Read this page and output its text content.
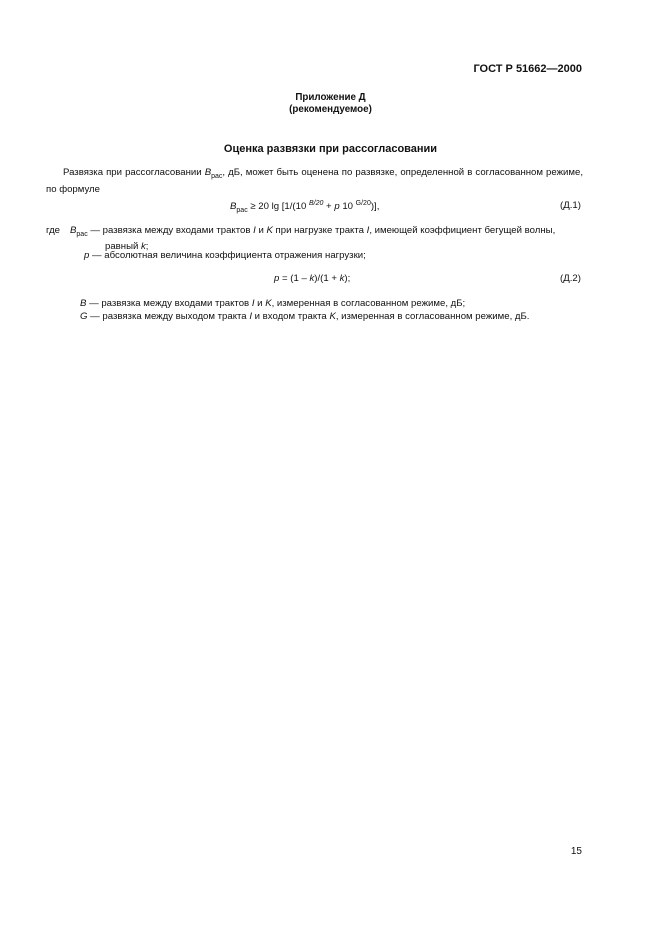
ГОСТ Р 51662—2000
Приложение Д
(рекомендуемое)
Оценка развязки при рассогласовании
Развязка при рассогласовании $B_{рас}$, дБ, может быть оценена по развязке, определенной в согласованном режиме, по формуле
$B_{рас} \ge 20$ lg [1/(10 $^{B/20}$ + p 10 $^{G/20}$)],	(Д.1)
где $B_{рас}$ — развязка между входами трактов I и K при нагрузке тракта I, имеющей коэффициент бегущей волны,
равный k;
p — абсолютная величина коэффициента отражения нагрузки;
p = (1 – k)/(1 + k);	(Д.2)
B — развязка между входами трактов I и K, измеренная в согласованном режиме, дБ;
G — развязка между выходом тракта I и входом тракта K, измеренная в согласованном режиме, дБ.
15
